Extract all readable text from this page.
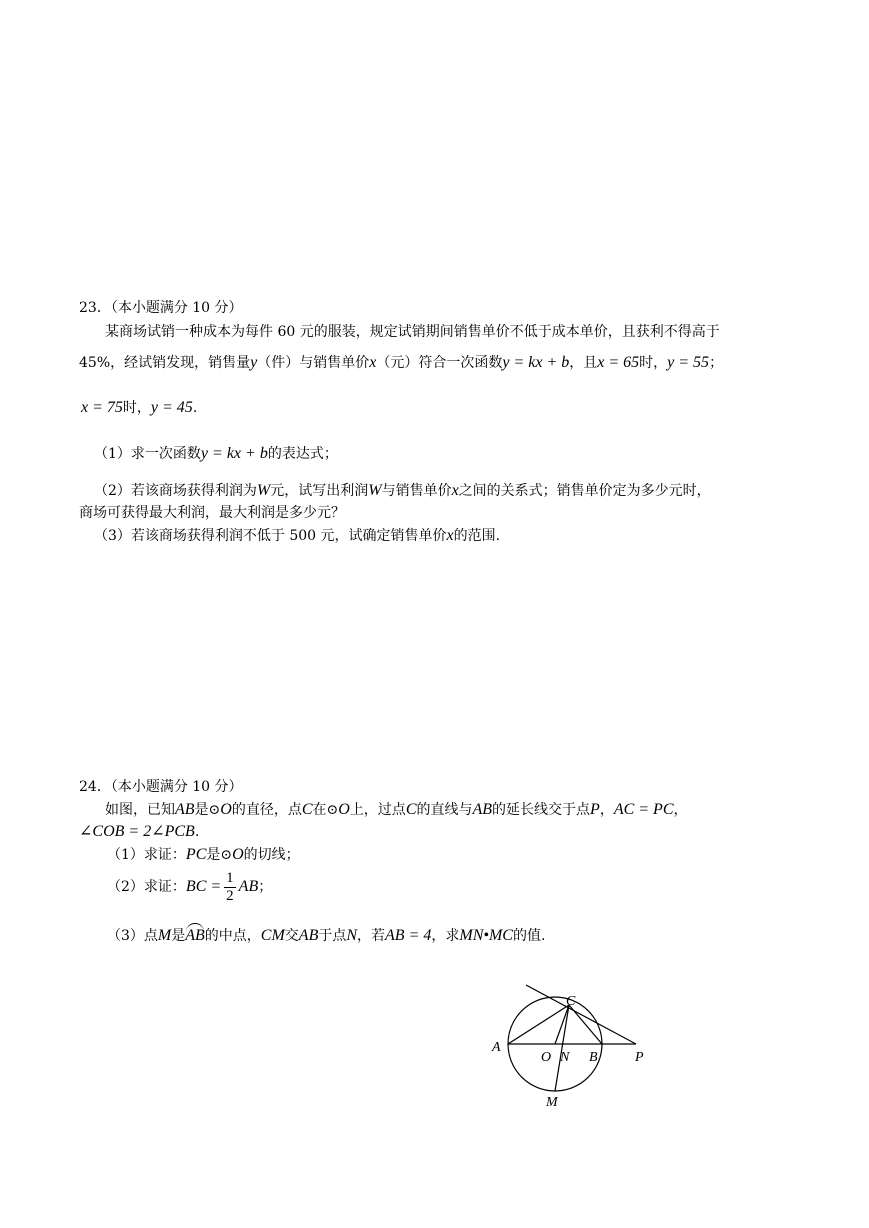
23．（本小题满分 10 分）
某商场试销一种成本为每件 60 元的服装，规定试销期间销售单价不低于成本单价，且获利不得高于
45%，经试销发现，销售量y（件）与销售单价x（元）符合一次函数y = kx + b，且x = 65时，y = 55；
x = 75时，y = 45.
（1）求一次函数y = kx + b的表达式；
（2）若该商场获得利润为W元，试写出利润W与销售单价x之间的关系式；销售单价定为多少元时，
商场可获得最大利润，最大利润是多少元？
（3）若该商场获得利润不低于 500 元，试确定销售单价x的范围.
24．（本小题满分 10 分）
如图，已知AB是⊙O的直径，点C在⊙O上，过点C的直线与AB的延长线交于点P，AC = PC，
∠COB = 2∠PCB.
（1）求证：PC是⊙O的切线；
（2）求证：BC = $\frac{1}{2}$ AB；
（3）点M是AB的中点，CM交AB于点N，若AB = 4，求MN•MC的值.
A
O N B	P
C
M
